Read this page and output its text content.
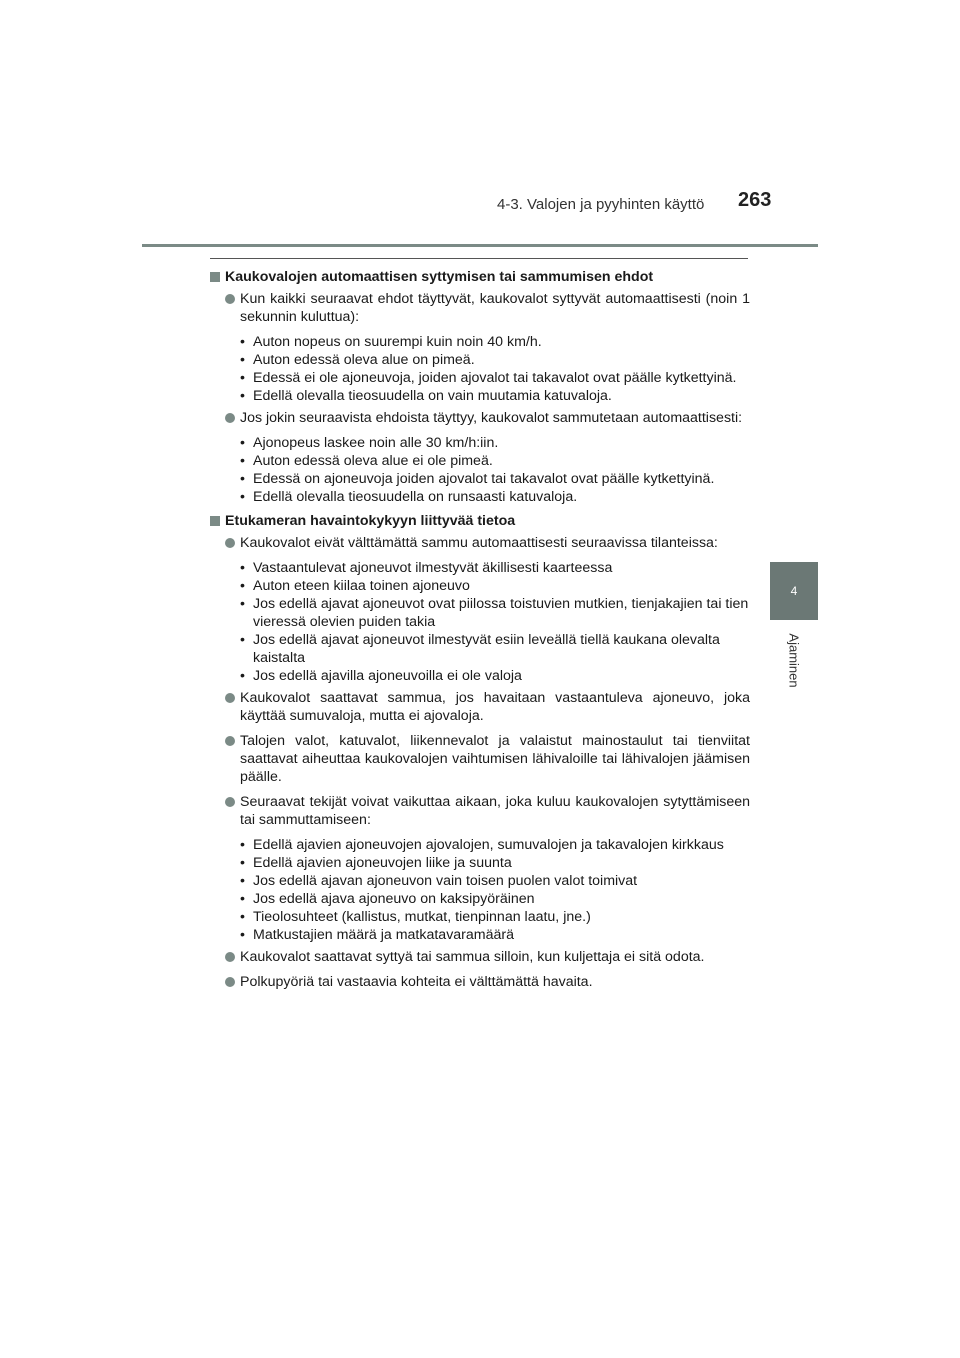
4-3. Valojen ja pyyhinten käyttö 263
4
Ajaminen
Kaukovalojen automaattisen syttymisen tai sammumisen ehdot
Kun kaikki seuraavat ehdot täyttyvät, kaukovalot syttyvät automaattisesti (noin 1 sekunnin kuluttua):
• Auton nopeus on suurempi kuin noin 40 km/h.
• Auton edessä oleva alue on pimeä.
• Edessä ei ole ajoneuvoja, joiden ajovalot tai takavalot ovat päälle kytkettyinä.
• Edellä olevalla tieosuudella on vain muutamia katuvaloja.
Jos jokin seuraavista ehdoista täyttyy, kaukovalot sammutetaan automaattisesti:
• Ajonopeus laskee noin alle 30 km/h:iin.
• Auton edessä oleva alue ei ole pimeä.
• Edessä on ajoneuvoja joiden ajovalot tai takavalot ovat päälle kytkettyinä.
• Edellä olevalla tieosuudella on runsaasti katuvaloja.
Etukameran havaintokykyyn liittyvää tietoa
Kaukovalot eivät välttämättä sammu automaattisesti seuraavissa tilanteissa:
• Vastaantulevat ajoneuvot ilmestyvät äkillisesti kaarteessa
• Auton eteen kiilaa toinen ajoneuvo
• Jos edellä ajavat ajoneuvot ovat piilossa toistuvien mutkien, tienjakajien tai tien vieressä olevien puiden takia
• Jos edellä ajavat ajoneuvot ilmestyvät esiin leveällä tiellä kaukana olevalta kaistalta
• Jos edellä ajavilla ajoneuvoilla ei ole valoja
Kaukovalot saattavat sammua, jos havaitaan vastaantuleva ajoneuvo, joka käyttää sumuvaloja, mutta ei ajovaloja.
Talojen valot, katuvalot, liikennevalot ja valaistut mainostaulut tai tienviitat saattavat aiheuttaa kaukovalojen vaihtumisen lähivaloille tai lähivalojen jäämisen päälle.
Seuraavat tekijät voivat vaikuttaa aikaan, joka kuluu kaukovalojen sytyttämiseen tai sammuttamiseen:
• Edellä ajavien ajoneuvojen ajovalojen, sumuvalojen ja takavalojen kirkkaus
• Edellä ajavien ajoneuvojen liike ja suunta
• Jos edellä ajavan ajoneuvon vain toisen puolen valot toimivat
• Jos edellä ajava ajoneuvo on kaksipyöräinen
• Tieolosuhteet (kallistus, mutkat, tienpinnan laatu, jne.)
• Matkustajien määrä ja matkatavaramäärä
Kaukovalot saattavat syttyä tai sammua silloin, kun kuljettaja ei sitä odota.
Polkupyöriä tai vastaavia kohteita ei välttämättä havaita.
